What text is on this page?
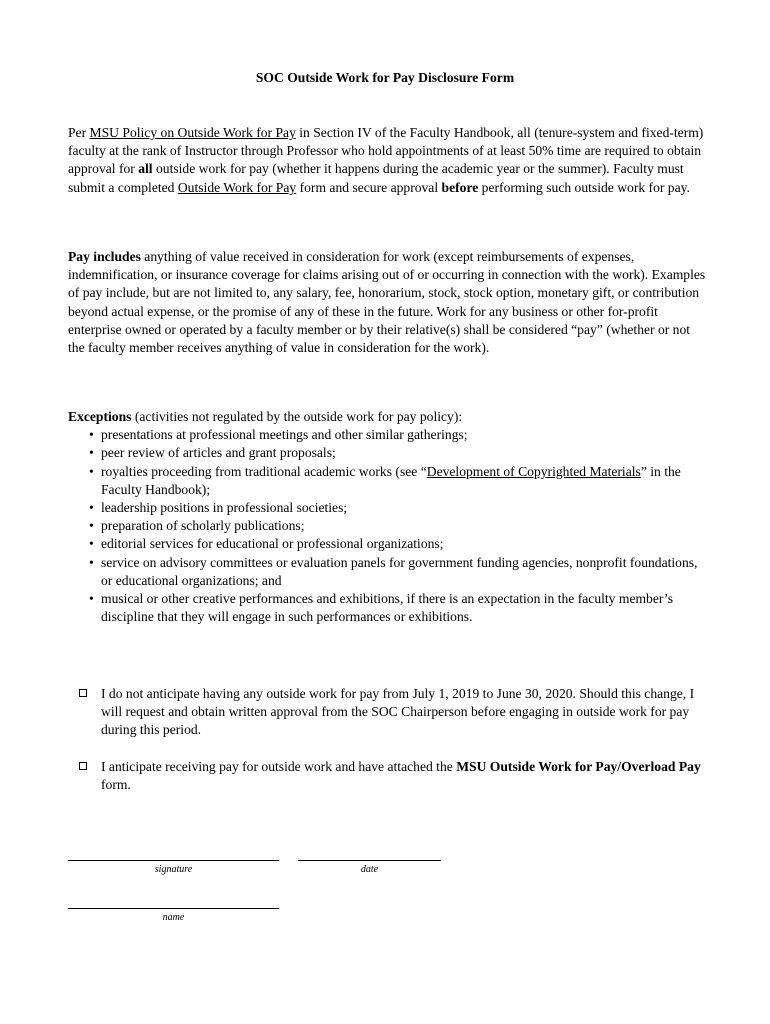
SOC Outside Work for Pay Disclosure Form

Per MSU Policy on Outside Work for Pay in Section IV of the Faculty Handbook, all (tenure-system and fixed-term) faculty at the rank of Instructor through Professor who hold appointments of at least 50% time are required to obtain approval for all outside work for pay (whether it happens during the academic year or the summer). Faculty must submit a completed Outside Work for Pay form and secure approval before performing such outside work for pay.

Pay includes anything of value received in consideration for work (except reimbursements of expenses, indemnification, or insurance coverage for claims arising out of or occurring in connection with the work). Examples of pay include, but are not limited to, any salary, fee, honorarium, stock, stock option, monetary gift, or contribution beyond actual expense, or the promise of any of these in the future. Work for any business or other for-profit enterprise owned or operated by a faculty member or by their relative(s) shall be considered “pay” (whether or not the faculty member receives anything of value in consideration for the work).

Exceptions (activities not regulated by the outside work for pay policy):
• presentations at professional meetings and other similar gatherings;
• peer review of articles and grant proposals;
• royalties proceeding from traditional academic works (see “Development of Copyrighted Materials” in the Faculty Handbook);
• leadership positions in professional societies;
• preparation of scholarly publications;
• editorial services for educational or professional organizations;
• service on advisory committees or evaluation panels for government funding agencies, nonprofit foundations, or educational organizations; and
• musical or other creative performances and exhibitions, if there is an expectation in the faculty member’s discipline that they will engage in such performances or exhibitions.
I do not anticipate having any outside work for pay from July 1, 2019 to June 30, 2020. Should this change, I will request and obtain written approval from the SOC Chairperson before engaging in outside work for pay during this period.
I anticipate receiving pay for outside work and have attached the MSU Outside Work for Pay/Overload Pay form.
signature	date
name
